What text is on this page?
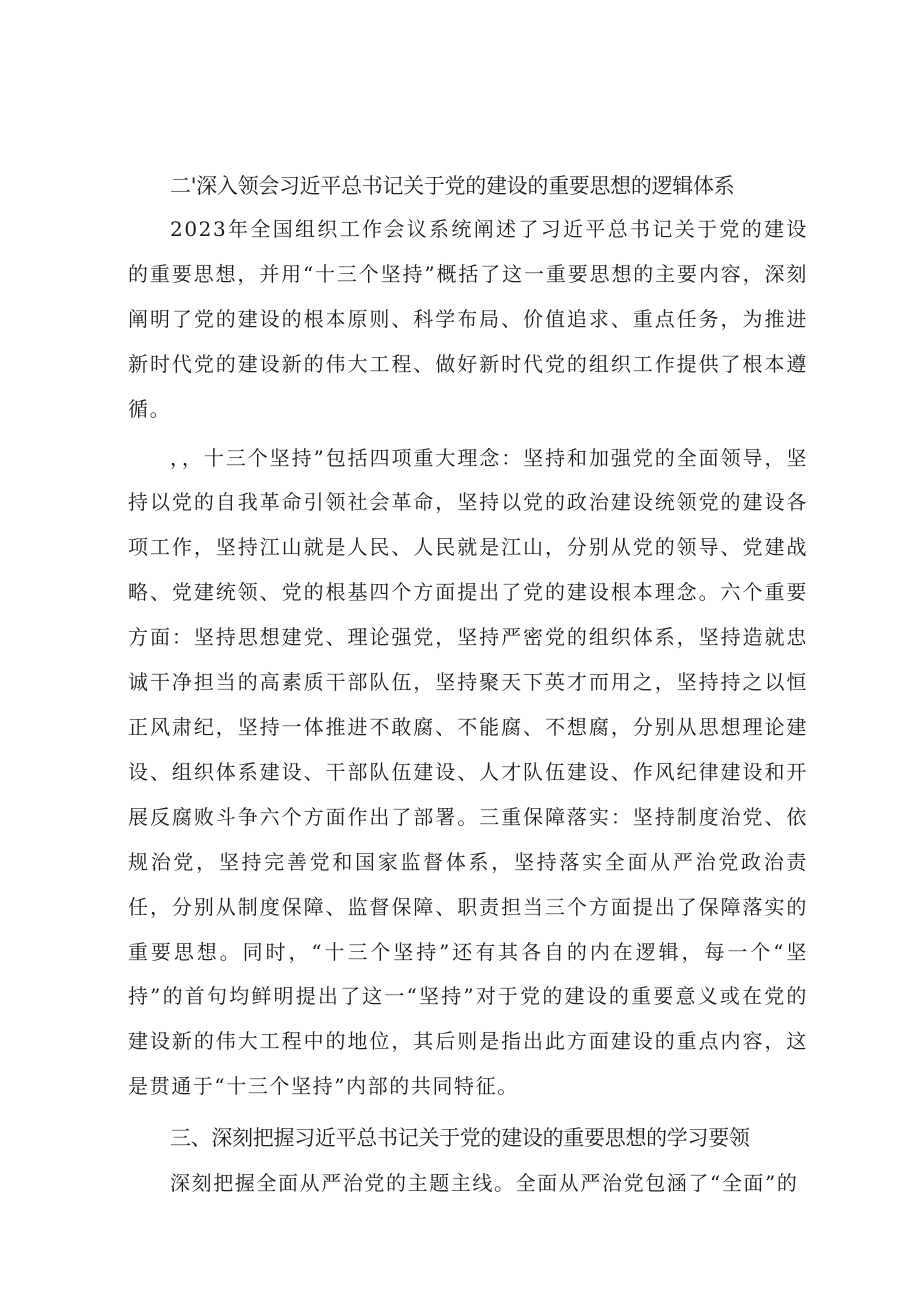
二'深入领会习近平总书记关于党的建设的重要思想的逻辑体系

2023年全国组织工作会议系统阐述了习近平总书记关于党的建设的重要思想，并用“十三个坚持”概括了这一重要思想的主要内容，深刻阐明了党的建设的根本原则、科学布局、价值追求、重点任务，为推进新时代党的建设新的伟大工程、做好新时代党的组织工作提供了根本遵循。

，，十三个坚持”包括四项重大理念：坚持和加强党的全面领导，坚持以党的自我革命引领社会革命，坚持以党的政治建设统领党的建设各项工作，坚持江山就是人民、人民就是江山，分别从党的领导、党建战略、党建统领、党的根基四个方面提出了党的建设根本理念。六个重要方面：坚持思想建党、理论强党，坚持严密党的组织体系，坚持造就忠诚干净担当的高素质干部队伍，坚持聚天下英才而用之，坚持持之以恒正风肃纪，坚持一体推进不敢腐、不能腐、不想腐，分别从思想理论建设、组织体系建设、干部队伍建设、人才队伍建设、作风纪律建设和开展反腐败斗争六个方面作出了部署。三重保障落实：坚持制度治党、依规治党，坚持完善党和国家监督体系，坚持落实全面从严治党政治责任，分别从制度保障、监督保障、职责担当三个方面提出了保障落实的重要思想。同时，“十三个坚持”还有其各自的内在逻辑，每一个“坚持”的首句均鲜明提出了这一“坚持”对于党的建设的重要意义或在党的建设新的伟大工程中的地位，其后则是指出此方面建设的重点内容，这是贯通于“十三个坚持”内部的共同特征。

三、深刻把握习近平总书记关于党的建设的重要思想的学习要领

深刻把握全面从严治党的主题主线。全面从严治党包涵了“全面”的
